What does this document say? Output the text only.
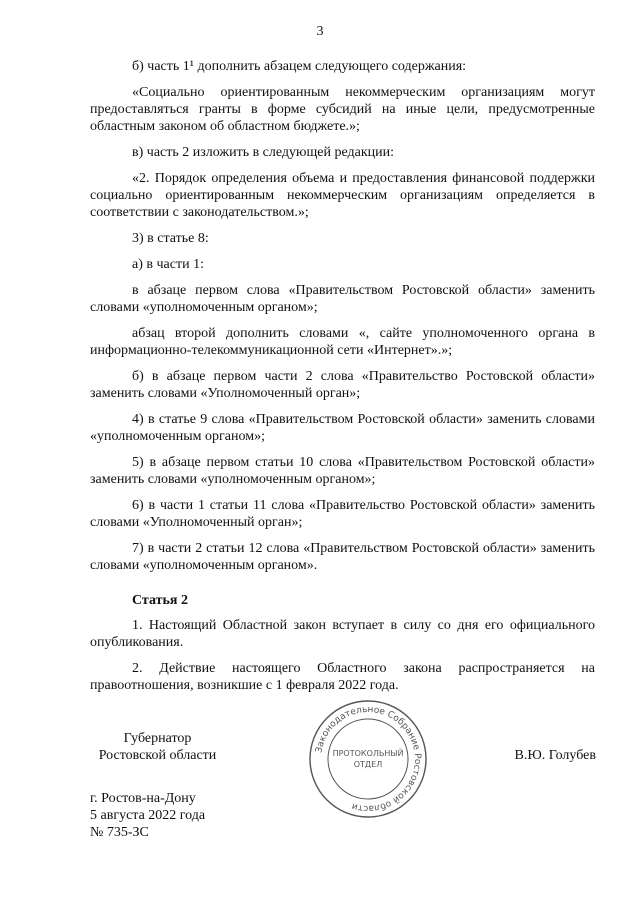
3

б) часть 1¹ дополнить абзацем следующего содержания:

«Социально ориентированным некоммерческим организациям могут предоставляться гранты в форме субсидий на иные цели, предусмотренные областным законом об областном бюджете.»;

в) часть 2 изложить в следующей редакции:

«2. Порядок определения объема и предоставления финансовой поддержки социально ориентированным некоммерческим организациям определяется в соответствии с законодательством.»;

3) в статье 8:

а) в части 1:

в абзаце первом слова «Правительством Ростовской области» заменить словами «уполномоченным органом»;

абзац второй дополнить словами «, сайте уполномоченного органа в информационно-телекоммуникационной сети «Интернет».»;

б) в абзаце первом части 2 слова «Правительство Ростовской области» заменить словами «Уполномоченный орган»;

4) в статье 9 слова «Правительством Ростовской области» заменить словами «уполномоченным органом»;

5) в абзаце первом статьи 10 слова «Правительством Ростовской области» заменить словами «уполномоченным органом»;

6) в части 1 статьи 11 слова «Правительство Ростовской области» заменить словами «Уполномоченный орган»;

7) в части 2 статьи 12 слова «Правительством Ростовской области» заменить словами «уполномоченным органом».

Статья 2

1. Настоящий Областной закон вступает в силу со дня его официального опубликования.

2. Действие настоящего Областного закона распространяется на правоотношения, возникшие с 1 февраля 2022 года.

Губернатор
Ростовской области	В.Ю. Голубев
г. Ростов-на-Дону
5 августа 2022 года
№ 735-ЗС
Законодательное Собрание Ростовской области
ПРОТОКОЛЬНЫЙ
ОТДЕЛ
